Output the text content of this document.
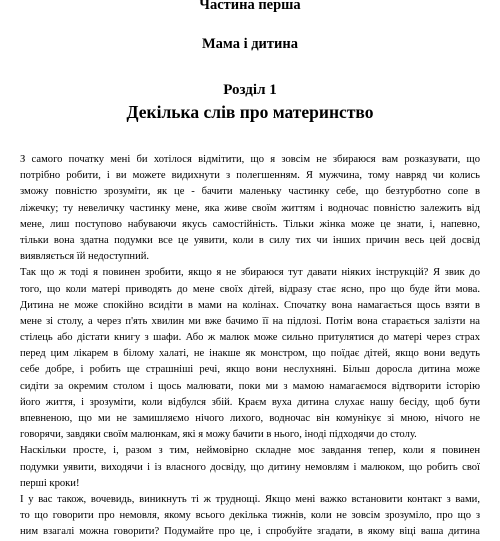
Частина перша
Мама і дитина
Розділ 1
Декілька слів про материнство
З самого початку мені би хотілося відмітити, що я зовсім не збираюся вам розказувати, що
потрібно робити, і ви можете видихнути з полегшенням. Я мужчина, тому навряд чи колись
зможу повністю зрозуміти, як це - бачити маленьку частинку себе, що безтурботно сопе в
ліжечку; ту невеличку частинку мене, яка живе своїм життям і водночас повністю залежить від
мене, лиш поступово набуваючи якусь самостійність. Тільки жінка може це знати, і, напевно,
тільки вона здатна подумки все це уявити, коли в силу тих чи інших причин весь цей досвід
виявляється їй недоступний.
Так що ж тодi я повинен зробити, якщо я не збираюся тут давати ніяких інструкцій? Я звик до
того, що коли матері приводять до мене своїх дітей, відразу стає ясно, про що буде йти мова.
Дитина не може спокійно всидіти в мами на колінах. Спочатку вона намагається щось взяти в
мене зі столу, а через п'ять хвилин ми вже бачимо її на підлозі. Потім вона старається залізти на
стілець або дістати книгу з шафи. Або ж малюк може сильно притулятися до матері через страх
перед цим лікарем в білому халаті, не інакше як монстром, що поїдає дітей, якщо вони ведуть
себе добре, і робить ще страшніші речі, якщо вони неслухняні. Більш доросла дитина може
сидіти за окремим столом і щось малювати, поки ми з мамою намагаємося відтворити історію
його життя, і зрозуміти, коли відбулся збій. Краєм вуха дитина слухає нашу бесіду, щоб бути
впевненою, що ми не замишляємо нічого лихого, водночас він комунікує зі мною, нічого не
говорячи, завдяки своїм малюнкам, які я можу бачити в нього, іноді підходячи до столу.
Наскільки просте, і, разом з тим, неймовірно складне моє завдання тепер, коли я повинен
подумки уявити, виходячи і із власного досвіду, що дитину немовлям і малюком, що робить свої
перші кроки!
І у вас також, вочевидь, виникнуть ті ж труднощі. Якщо мені важко встановити контакт з вами,
то що говорити про немовля, якому всього декілька тижнів, коли не зовсім зрозуміло, про що з
ним взагалі можна говорити? Подумайте про це, і спробуйте згадати, в якому віці ваша дитина
